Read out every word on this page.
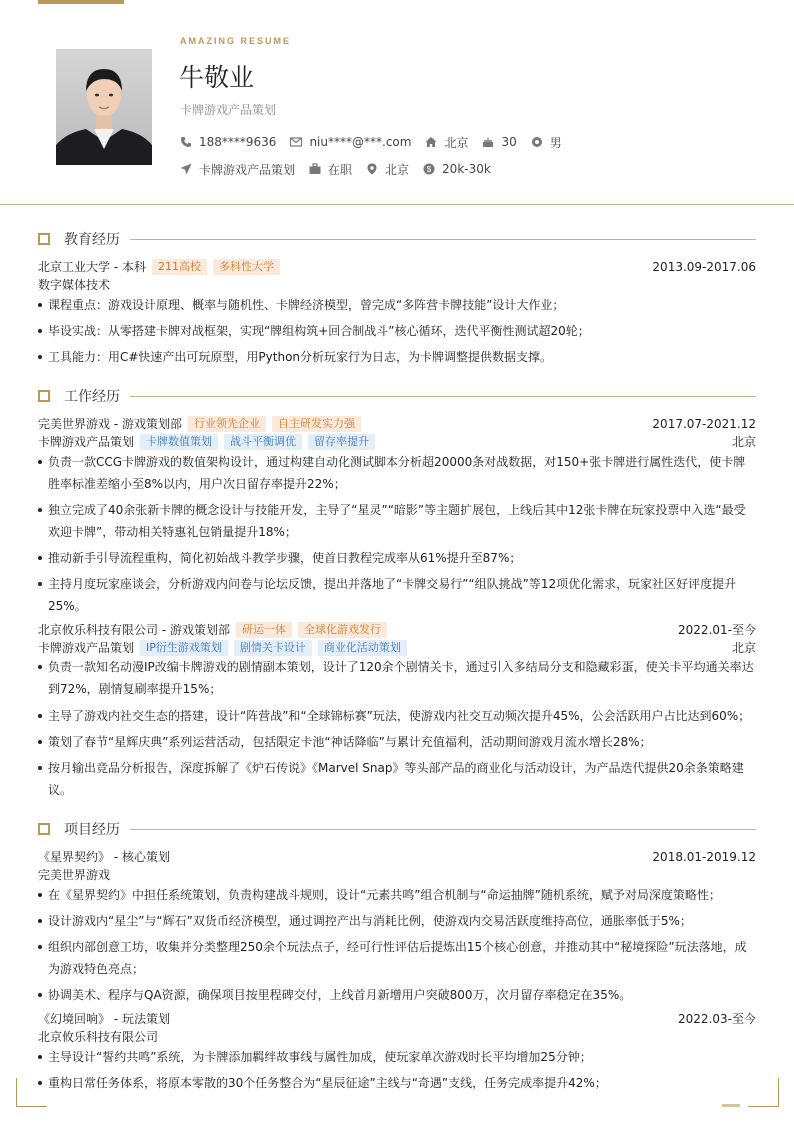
AMAZING RESUME
牛敬业
卡牌游戏产品策划
188****9636	niu****@***.com	北京	30	男
卡牌游戏产品策划	在职	北京 $ 20k-30k
教育经历
北京工业大学 - 本科	211高校	多科性大学	2013.09-2017.06
数字媒体技术
课程重点：游戏设计原理、概率与随机性、卡牌经济模型，曾完成“多阵营卡牌技能”设计大作业；
毕设实战：从零搭建卡牌对战框架，实现“牌组构筑+回合制战斗”核心循环，迭代平衡性测试超20轮；
工具能力：用C#快速产出可玩原型，用Python分析玩家行为日志，为卡牌调整提供数据支撑。
工作经历
完美世界游戏 - 游戏策划部	行业领先企业	自主研发实力强	2017.07-2021.12
卡牌游戏产品策划	卡牌数值策划	战斗平衡调优	留存率提升	北京
负责一款CCG卡牌游戏的数值架构设计，通过构建自动化测试脚本分析超20000条对战数据，对150+张卡牌进行属性迭代，使卡牌胜率标准差缩小至8%以内，用户次日留存率提升22%；
独立完成了40余张新卡牌的概念设计与技能开发，主导了“星灵”“暗影”等主题扩展包，上线后其中12张卡牌在玩家投票中入选“最受欢迎卡牌”，带动相关特惠礼包销量提升18%；
推动新手引导流程重构，简化初始战斗教学步骤，使首日教程完成率从61%提升至87%；
主持月度玩家座谈会，分析游戏内问卷与论坛反馈，提出并落地了“卡牌交易行”“组队挑战”等12项优化需求，玩家社区好评度提升25%。
北京攸乐科技有限公司 - 游戏策划部	研运一体	全球化游戏发行	2022.01-至今
卡牌游戏产品策划	IP衍生游戏策划	剧情关卡设计	商业化活动策划	北京
负责一款知名动漫IP改编卡牌游戏的剧情副本策划，设计了120余个剧情关卡，通过引入多结局分支和隐藏彩蛋，使关卡平均通关率达到72%，剧情复刷率提升15%；
主导了游戏内社交生态的搭建，设计“阵营战”和“全球锦标赛”玩法，使游戏内社交互动频次提升45%，公会活跃用户占比达到60%；
策划了春节“星辉庆典”系列运营活动，包括限定卡池“神话降临”与累计充值福利，活动期间游戏月流水增长28%；
按月输出竞品分析报告，深度拆解了《炉石传说》《Marvel Snap》等头部产品的商业化与活动设计，为产品迭代提供20余条策略建议。
项目经历
《星界契约》 - 核心策划	2018.01-2019.12
完美世界游戏
在《星界契约》中担任系统策划，负责构建战斗规则，设计“元素共鸣”组合机制与“命运抽牌”随机系统，赋予对局深度策略性；
设计游戏内“星尘”与“辉石”双货币经济模型，通过调控产出与消耗比例，使游戏内交易活跃度维持高位，通胀率低于5%；
组织内部创意工坊，收集并分类整理250余个玩法点子，经可行性评估后提炼出15个核心创意，并推动其中“秘境探险”玩法落地，成为游戏特色亮点；
协调美术、程序与QA资源，确保项目按里程碑交付，上线首月新增用户突破800万，次月留存率稳定在35%。
《幻境回响》 - 玩法策划	2022.03-至今
北京攸乐科技有限公司
主导设计“誓约共鸣”系统，为卡牌添加羁绊故事线与属性加成，使玩家单次游戏时长平均增加25分钟；
重构日常任务体系，将原本零散的30个任务整合为“星辰征途”主线与“奇遇”支线，任务完成率提升42%；
